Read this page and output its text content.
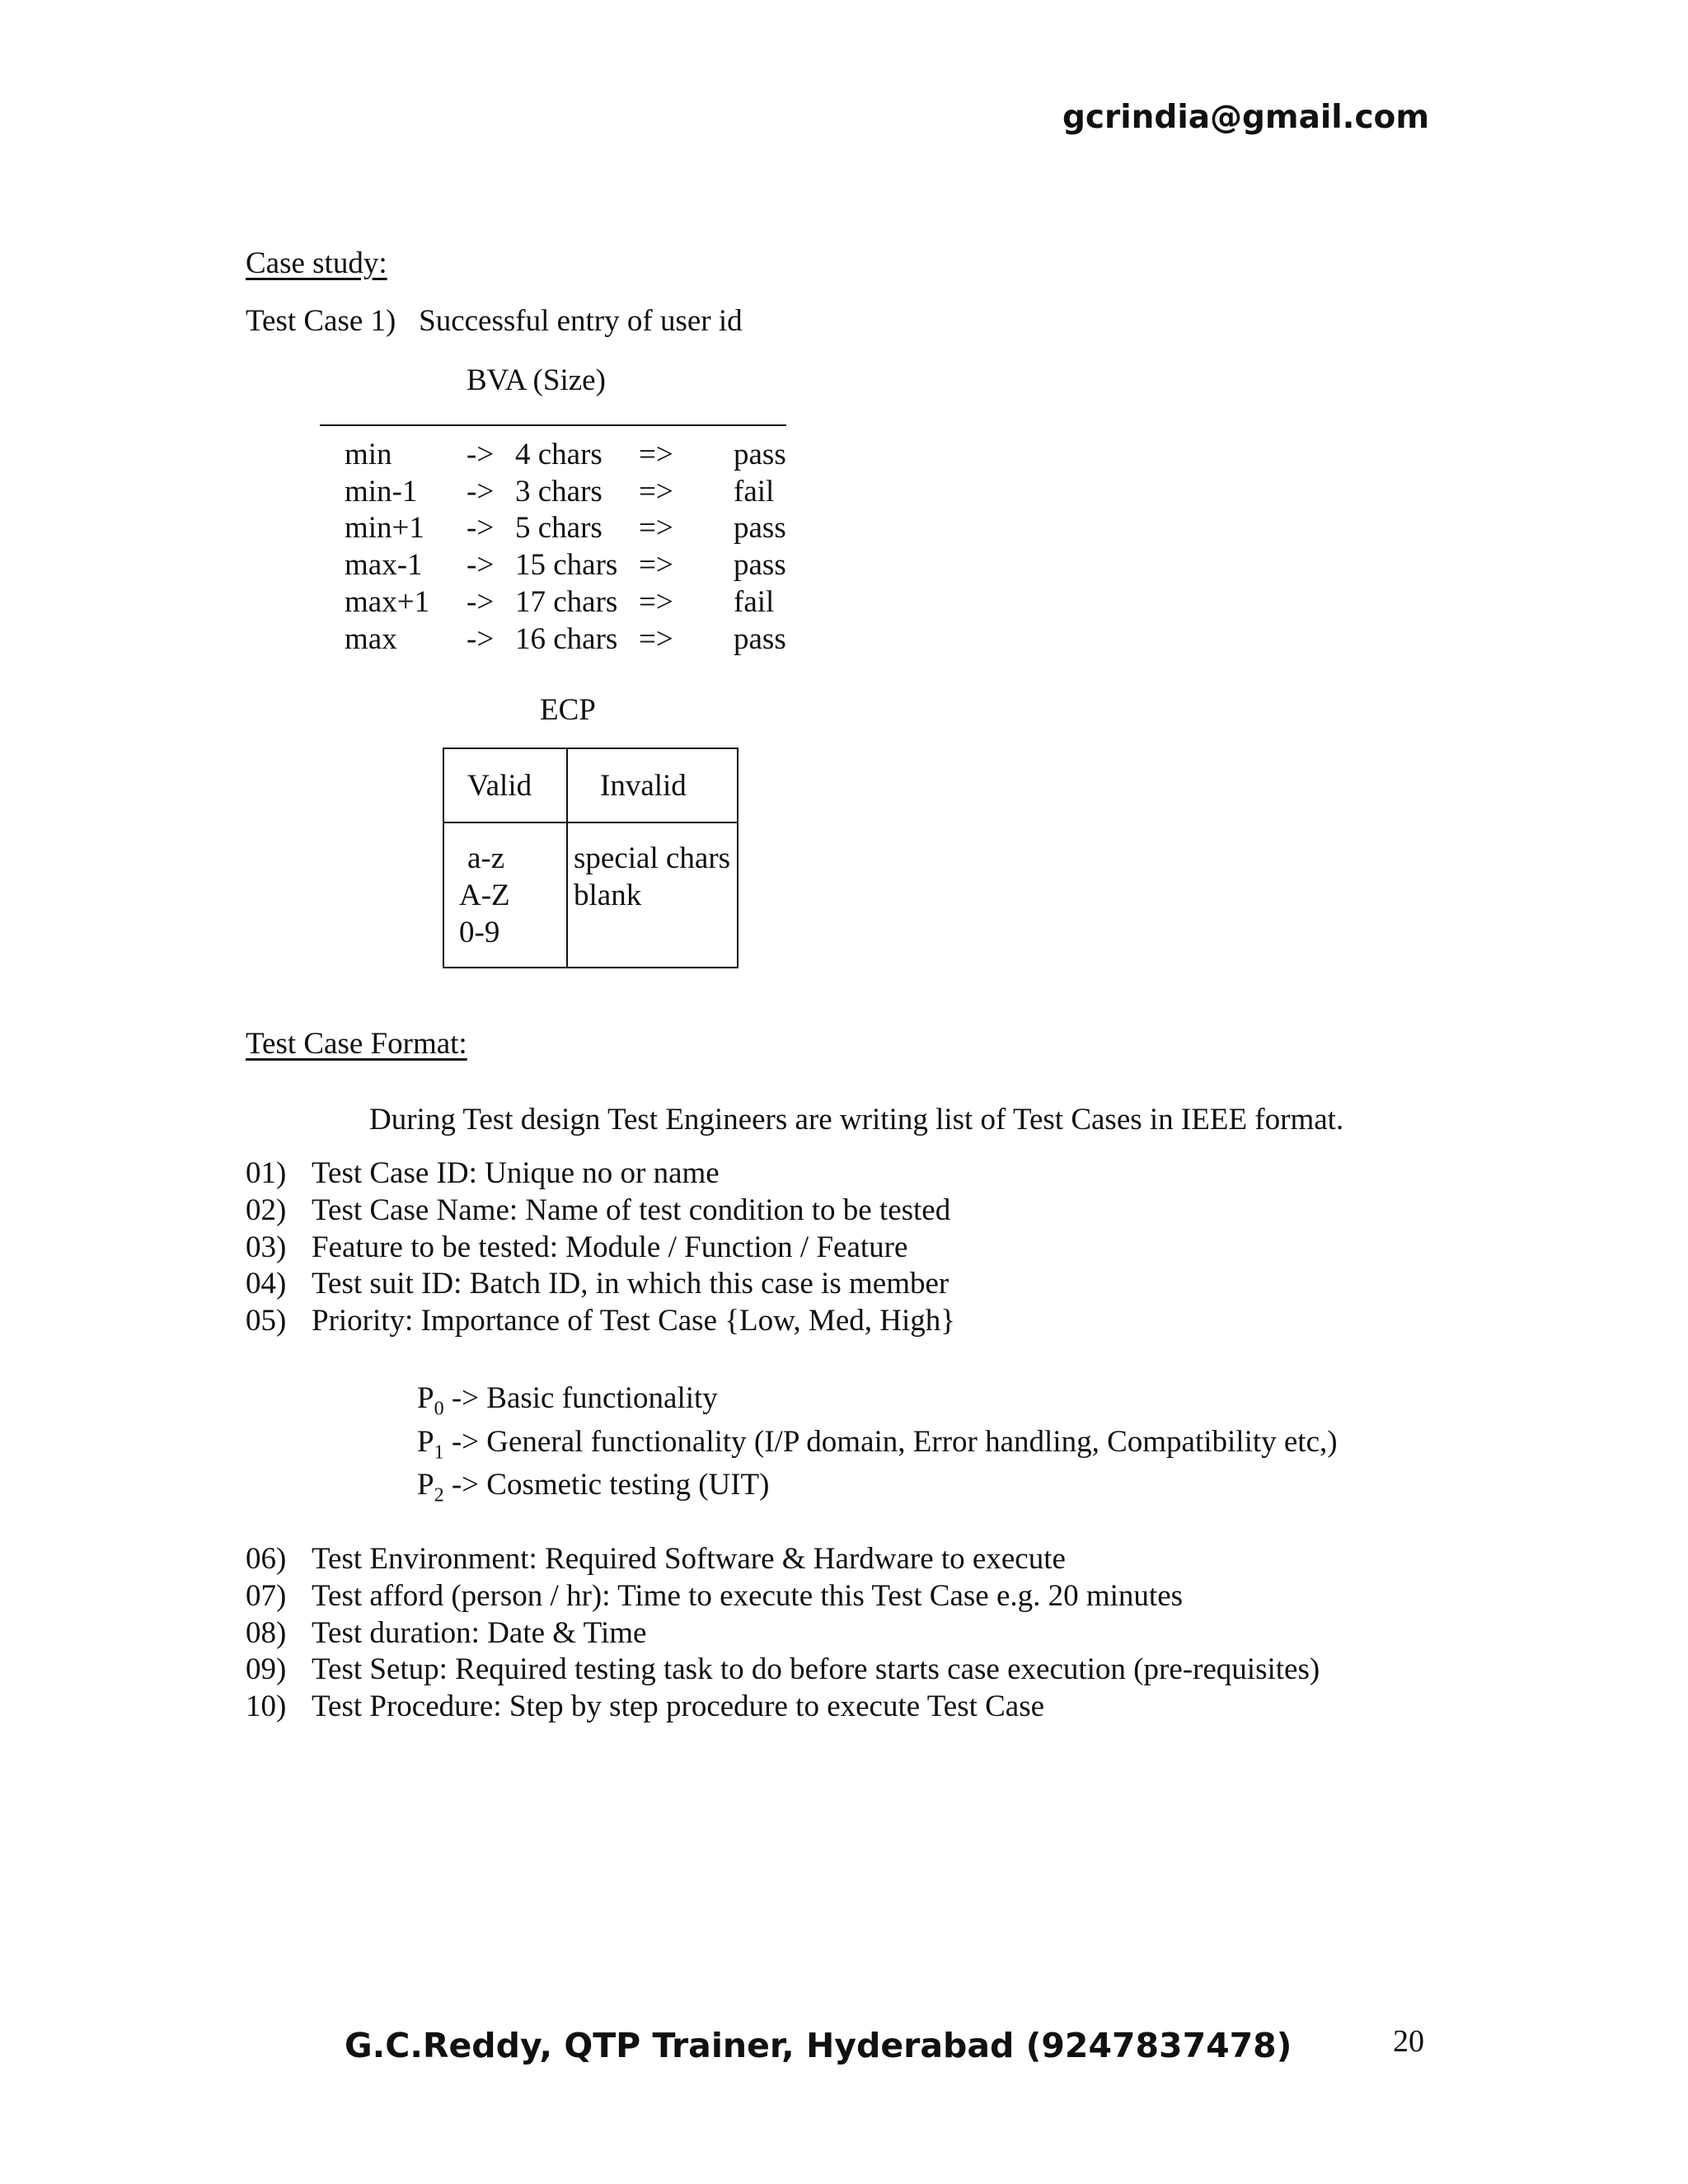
gcrindia@gmail.com
Case study:
Test Case 1)   Successful entry of user id
BVA (Size)
min -> 4 chars => pass
min-1 -> 3 chars => fail
min+1 -> 5 chars => pass
max-1 -> 15 chars => pass
max+1 -> 17 chars => fail
max -> 16 chars => pass
ECP
Valid Invalid
a-z
A-Z
0-9
special chars
blank
Test Case Format:
During Test design Test Engineers are writing list of Test Cases in IEEE format.
01) Test Case ID: Unique no or name
02) Test Case Name: Name of test condition to be tested
03) Feature to be tested: Module / Function / Feature
04) Test suit ID: Batch ID, in which this case is member
05) Priority: Importance of Test Case {Low, Med, High}
$P_0$ -> Basic functionality
$P_1$ -> General functionality (I/P domain, Error handling, Compatibility etc,)
$P_2$ -> Cosmetic testing (UIT)
06) Test Environment: Required Software & Hardware to execute
07) Test afford (person / hr): Time to execute this Test Case e.g. 20 minutes
08) Test duration: Date & Time
09) Test Setup: Required testing task to do before starts case execution (pre-requisites)
10) Test Procedure: Step by step procedure to execute Test Case
G.C.Reddy, QTP Trainer, Hyderabad (9247837478)	20
